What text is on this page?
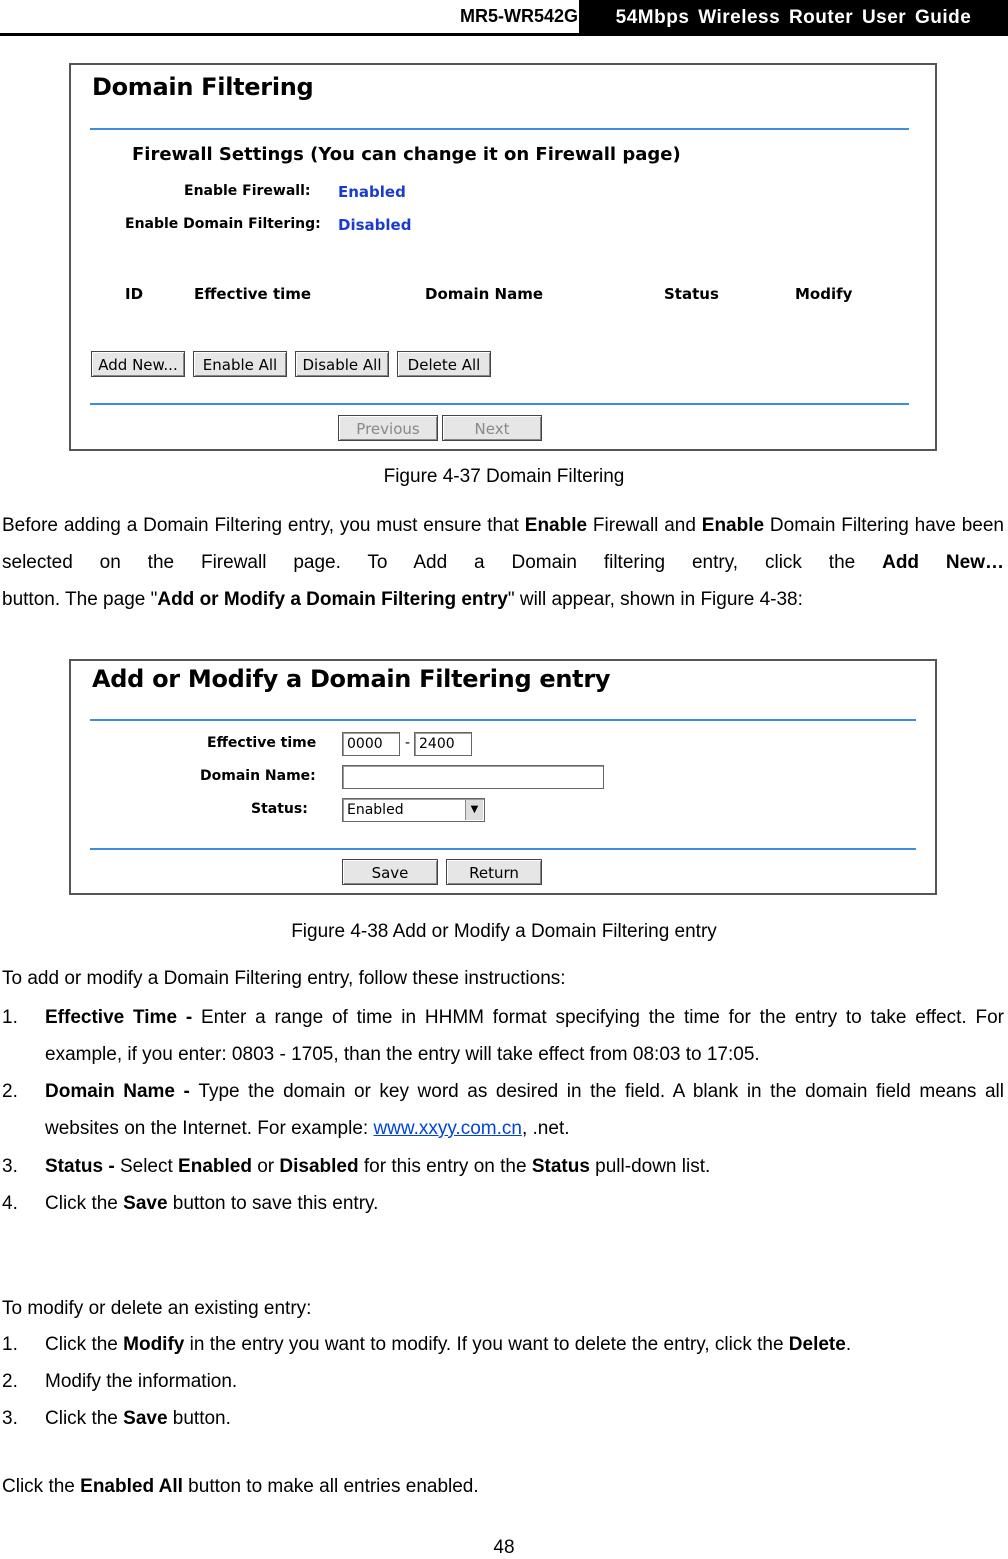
MR5-WR542G	54Mbps Wireless Router User Guide
Domain Filtering
Firewall Settings (You can change it on Firewall page)
Enable Firewall: Enabled
Enable Domain Filtering: Disabled
ID	Effective time	Domain Name	Status	Modify
Add New...	Enable All	Disable All	Delete All
Previous	Next
Figure 4-37 Domain Filtering
Before adding a Domain Filtering entry, you must ensure that Enable Firewall and Enable Domain Filtering have been selected on the Firewall page. To Add a Domain filtering entry, click the Add New…
button. The page "Add or Modify a Domain Filtering entry" will appear, shown in Figure 4-38:
Add or Modify a Domain Filtering entry
Effective time	0000	- 2400
Domain Name:
Status:	Enabled	▼
Save	Return
Figure 4-38 Add or Modify a Domain Filtering entry
To add or modify a Domain Filtering entry, follow these instructions:
1. Effective Time - Enter a range of time in HHMM format specifying the time for the entry to take effect. For example, if you enter: 0803 - 1705, than the entry will take effect from 08:03 to 17:05.
2. Domain Name - Type the domain or key word as desired in the field. A blank in the domain field means all websites on the Internet. For example: www.xxyy.com.cn, .net.
3. Status - Select Enabled or Disabled for this entry on the Status pull-down list.
4. Click the Save button to save this entry.
To modify or delete an existing entry:
1. Click the Modify in the entry you want to modify. If you want to delete the entry, click the Delete.
2. Modify the information.
3. Click the Save button.
Click the Enabled All button to make all entries enabled.
48
